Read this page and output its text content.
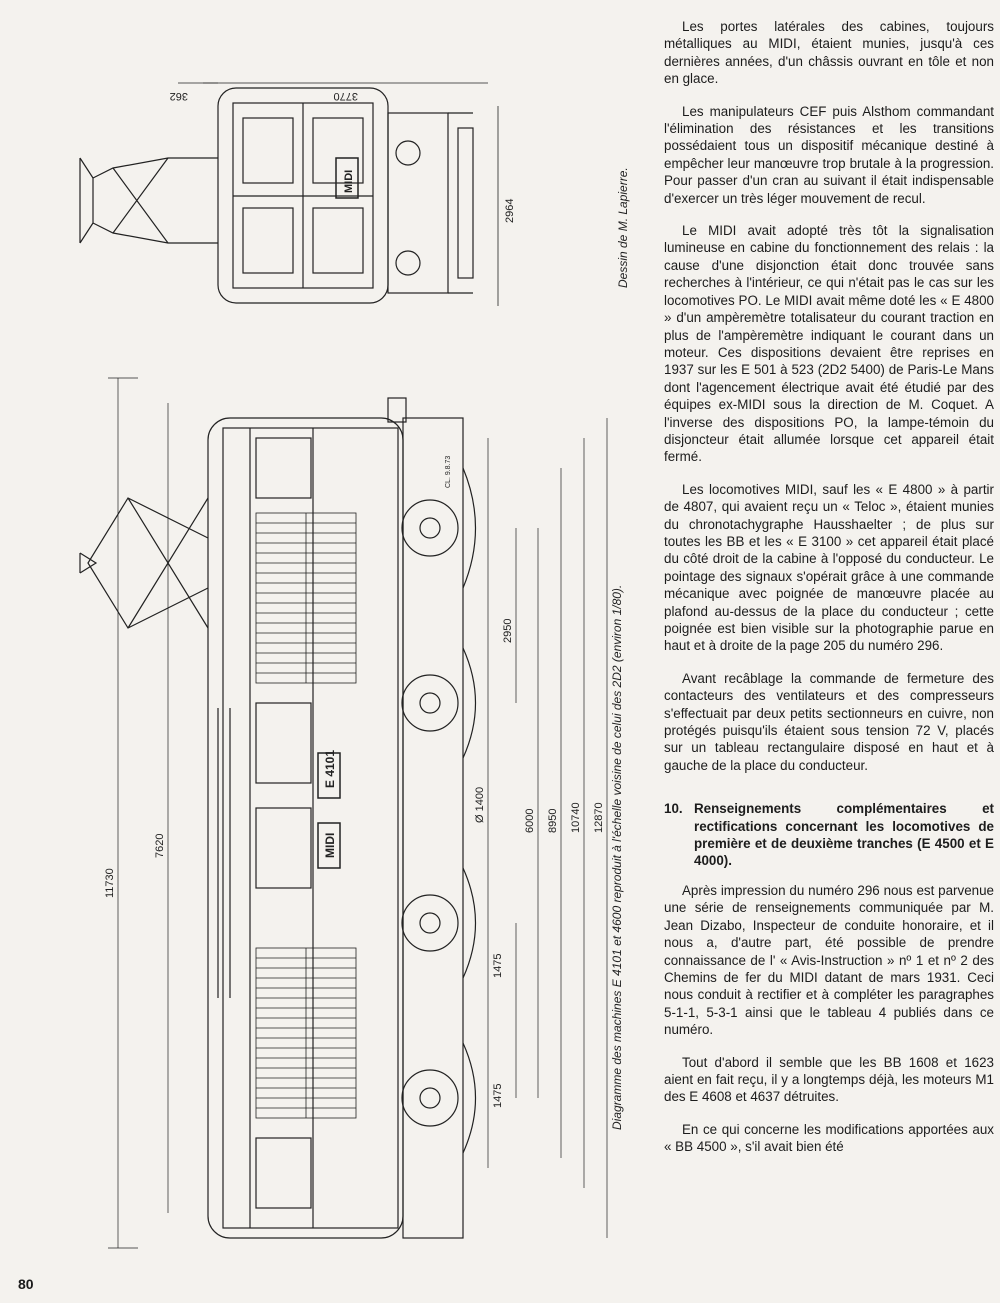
362	3770
2964
MIDI
11730
7620
2950
6000 8950 10740 12870
Ø 1400
1475
1475
E 4101
MIDI
CL. 9.8.73
Dessin de M. Lapierre.
Diagramme des machines E 4101 et 4600 reproduit à l'échelle voisine de celui des 2D2 (environ 1/80).

Les portes latérales des cabines, toujours métalliques au MIDI, étaient munies, jusqu'à ces dernières années, d'un châssis ouvrant en tôle et non en glace.

Les manipulateurs CEF puis Alsthom commandant l'élimination des résistances et les transitions possédaient tous un dispositif mécanique destiné à empêcher leur manœuvre trop brutale à la progression. Pour passer d'un cran au suivant il était indispensable d'exercer un très léger mouvement de recul.

Le MIDI avait adopté très tôt la signalisation lumineuse en cabine du fonctionnement des relais : la cause d'une disjonction était donc trouvée sans recherches à l'intérieur, ce qui n'était pas le cas sur les locomotives PO. Le MIDI avait même doté les « E 4800 » d'un ampèremètre totalisateur du courant traction en plus de l'ampèremètre indiquant le courant dans un moteur. Ces dispositions devaient être reprises en 1937 sur les E 501 à 523 (2D2 5400) de Paris-Le Mans dont l'agencement électrique avait été étudié par des équipes ex-MIDI sous la direction de M. Coquet. A l'inverse des dispositions PO, la lampe-témoin du disjoncteur était allumée lorsque cet appareil était fermé.

Les locomotives MIDI, sauf les « E 4800 » à partir de 4807, qui avaient reçu un « Teloc », étaient munies du chronotachygraphe Hausshaelter ; de plus sur toutes les BB et les « E 3100 » cet appareil était placé du côté droit de la cabine à l'opposé du conducteur. Le pointage des signaux s'opérait grâce à une commande mécanique avec poignée de manœuvre placée au plafond au-dessus de la place du conducteur ; cette poignée est bien visible sur la photographie parue en haut et à droite de la page 205 du numéro 296.

Avant recâblage la commande de fermeture des contacteurs des ventilateurs et des compresseurs s'effectuait par deux petits sectionneurs en cuivre, non protégés puisqu'ils étaient sous tension 72 V, placés sur un tableau rectangulaire disposé en haut et à gauche de la place du conducteur.

10. Renseignements complémentaires et rectifications concernant les locomotives de première et de deuxième tranches (E 4500 et E 4000).

Après impression du numéro 296 nous est parvenue une série de renseignements communiquée par M. Jean Dizabo, Inspecteur de conduite honoraire, et il nous a, d'autre part, été possible de prendre connaissance de l' « Avis-Instruction » nº 1 et nº 2 des Chemins de fer du MIDI datant de mars 1931. Ceci nous conduit à rectifier et à compléter les paragraphes 5-1-1, 5-3-1 ainsi que le tableau 4 publiés dans ce numéro.

Tout d'abord il semble que les BB 1608 et 1623 aient en fait reçu, il y a longtemps déjà, les moteurs M1 des E 4608 et 4637 détruites.

En ce qui concerne les modifications apportées aux « BB 4500 », s'il avait bien été

80
